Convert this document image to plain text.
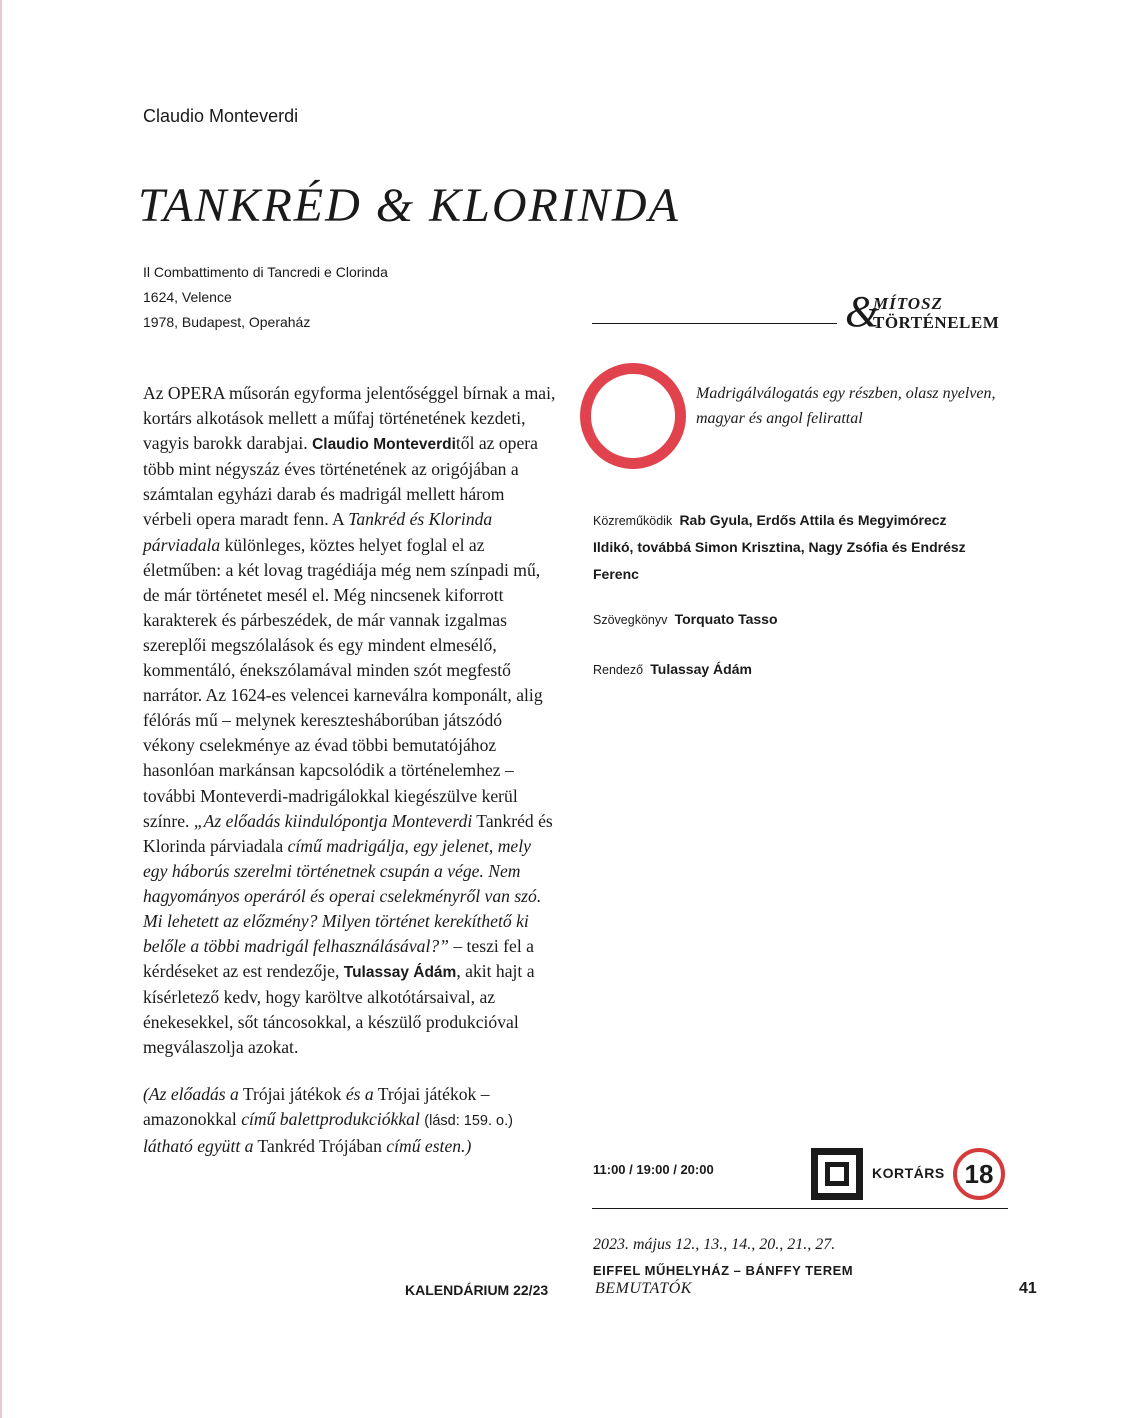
Claudio Monteverdi
TANKRÉD & KLORINDA
Il Combattimento di Tancredi e Clorinda
1624, Velence
1978, Budapest, Operaház	&
MÍTOSZ
TÖRTÉNELEM
Madrigálválogatás egy részben, olasz nyelven, magyar és angol felirattal

Az OPERA műsorán egyforma jelentőséggel bírnak a mai, kortárs alkotások mellett a műfaj történetének kezdeti, vagyis barokk darabjai. Claudio Monteverditől az opera több mint négyszáz éves történetének az origójában a számtalan egyházi darab és madrigál mellett három vérbeli opera maradt fenn. A Tankréd és Klorinda párviadala különleges, köztes helyet foglal el az életműben: a két lovag tragédiája még nem színpadi mű, de már történetet mesél el. Még nincsenek kiforrott karakterek és párbeszédek, de már vannak izgalmas szereplői megszólalások és egy mindent elmesélő, kommentáló, énekszólamával minden szót megfestő narrátor. Az 1624-es velencei karneválra komponált, alig félórás mű – melynek keresztesháborúban játszódó vékony cselekménye az évad többi bemutatójához hasonlóan markánsan kapcsolódik a történelemhez – további Monteverdi-madrigálokkal kiegészülve kerül színre. „Az előadás kiindulópontja Monteverdi Tankréd és Klorinda párviadala című madrigálja, egy jelenet, mely egy háborús szerelmi történetnek csupán a vége. Nem hagyományos operáról és operai cselekményről van szó. Mi lehetett az előzmény? Milyen történet kerekíthető ki belőle a többi madrigál felhasználásával?” – teszi fel a kérdéseket az est rendezője, Tulassay Ádám, akit hajt a kísérletező kedv, hogy karöltve alkotótársaival, az énekesekkel, sőt táncosokkal, a készülő produkcióval megválaszolja azokat.

(Az előadás a Trójai játékok és a Trójai játékok – amazonokkal című balettprodukciókkal (lásd: 159. o.) látható együtt a Tankréd Trójában című esten.)

Közreműködik Rab Gyula, Erdős Attila és Megyimórecz Ildikó, továbbá Simon Krisztina, Nagy Zsófia és Endrész Ferenc
Szövegkönyv Torquato Tasso
Rendező Tulassay Ádám
11:00 / 19:00 / 20:00	KORTÁRS 18
2023. május 12., 13., 14., 20., 21., 27.
EIFFEL MŰHELYHÁZ – BÁNFFY TEREM
KALENDÁRIUM 22/23	BEMUTATÓK	41
